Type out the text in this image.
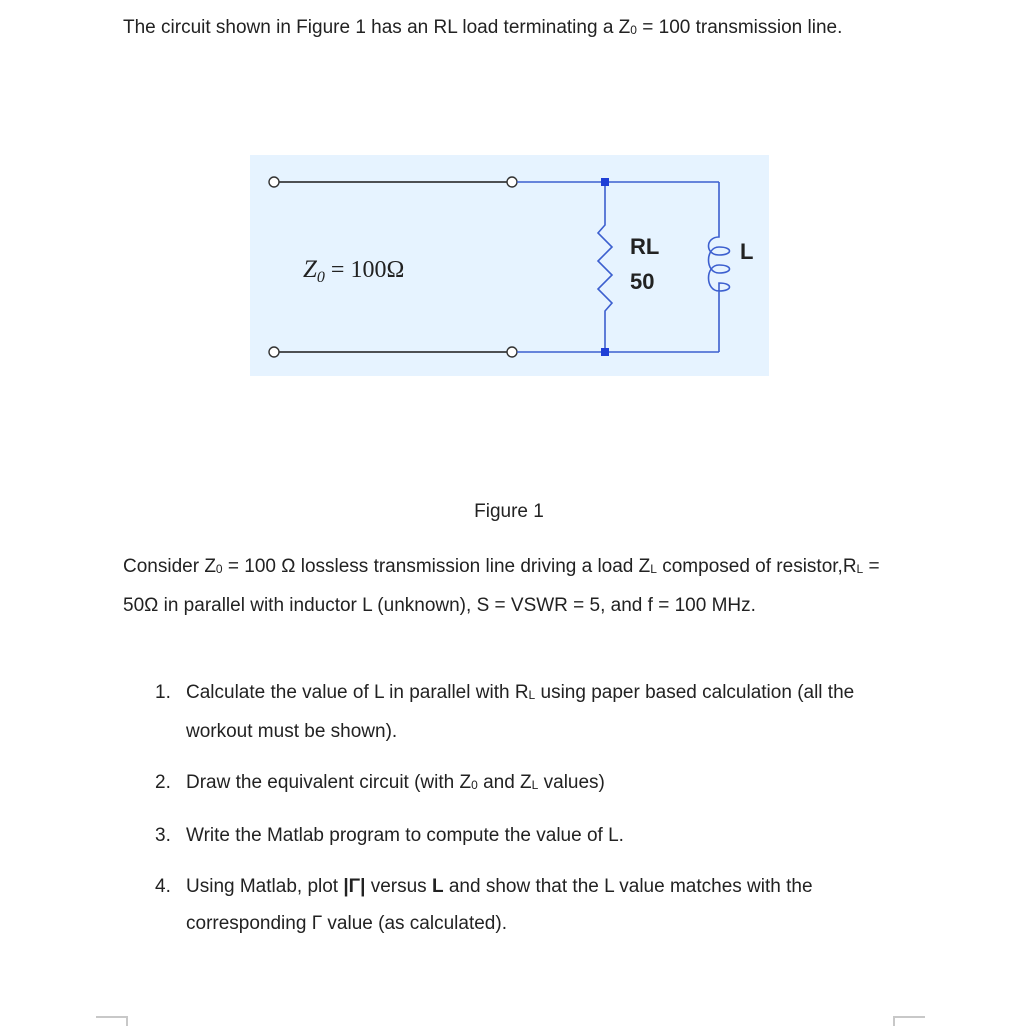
The circuit shown in Figure 1 has an RL load terminating a $Z_0 = 100$ transmission line.

$Z_0 = 100\Omega$
RL
50
L

Figure 1

Consider $Z_0 = 100$ Ω lossless transmission line driving a load $Z_L$ composed of $resistor,R_L = 50\Omega$ in parallel with inductor L (unknown), S = VSWR = 5, and f = 100 MHz.

1. Calculate the value of L in parallel with $R_L$ using paper based calculation (all the workout must be shown).
2. Draw the equivalent circuit (with $Z_0$ and $Z_L$ values)
3. Write the Matlab program to compute the value of L.
4. Using Matlab, plot |Γ| versus L and show that the L value matches with the corresponding Γ value (as calculated).
